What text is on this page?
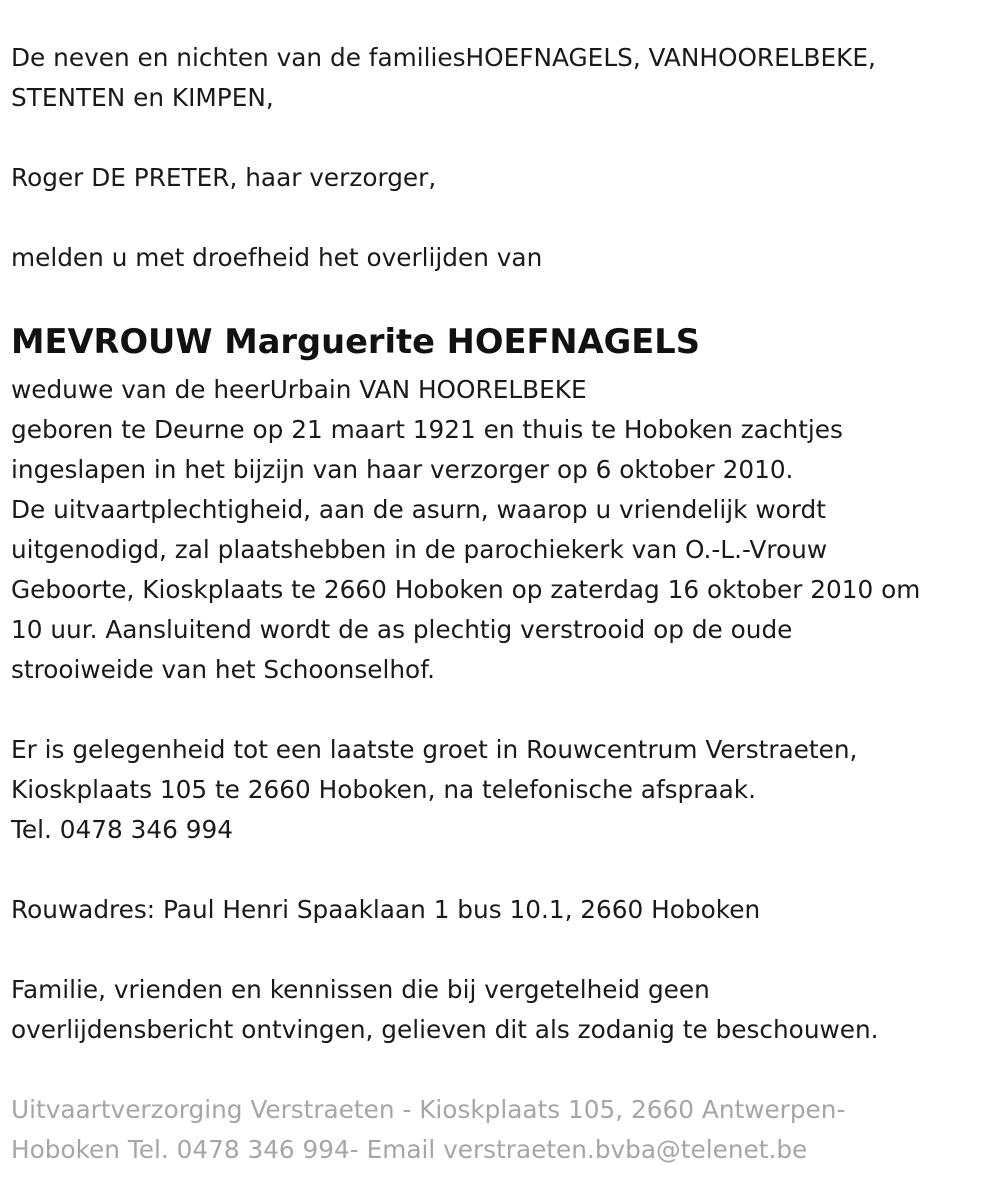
De neven en nichten van de familiesHOEFNAGELS, VANHOORELBEKE,
STENTEN en KIMPEN,
Roger DE PRETER, haar verzorger,
melden u met droefheid het overlijden van
MEVROUW Marguerite HOEFNAGELS
weduwe van de heerUrbain VAN HOORELBEKE
geboren te Deurne op 21 maart 1921 en thuis te Hoboken zachtjes
ingeslapen in het bijzijn van haar verzorger op 6 oktober 2010.
De uitvaartplechtigheid, aan de asurn, waarop u vriendelijk wordt
uitgenodigd, zal plaatshebben in de parochiekerk van O.-L.-Vrouw
Geboorte, Kioskplaats te 2660 Hoboken op zaterdag 16 oktober 2010 om
10 uur. Aansluitend wordt de as plechtig verstrooid op de oude
strooiweide van het Schoonselhof.
Er is gelegenheid tot een laatste groet in Rouwcentrum Verstraeten,
Kioskplaats 105 te 2660 Hoboken, na telefonische afspraak.
Tel. 0478 346 994
Rouwadres: Paul Henri Spaaklaan 1 bus 10.1, 2660 Hoboken
Familie, vrienden en kennissen die bij vergetelheid geen
overlijdensbericht ontvingen, gelieven dit als zodanig te beschouwen.
Uitvaartverzorging Verstraeten - Kioskplaats 105, 2660 Antwerpen-
Hoboken Tel. 0478 346 994- Email verstraeten.bvba@telenet.be
